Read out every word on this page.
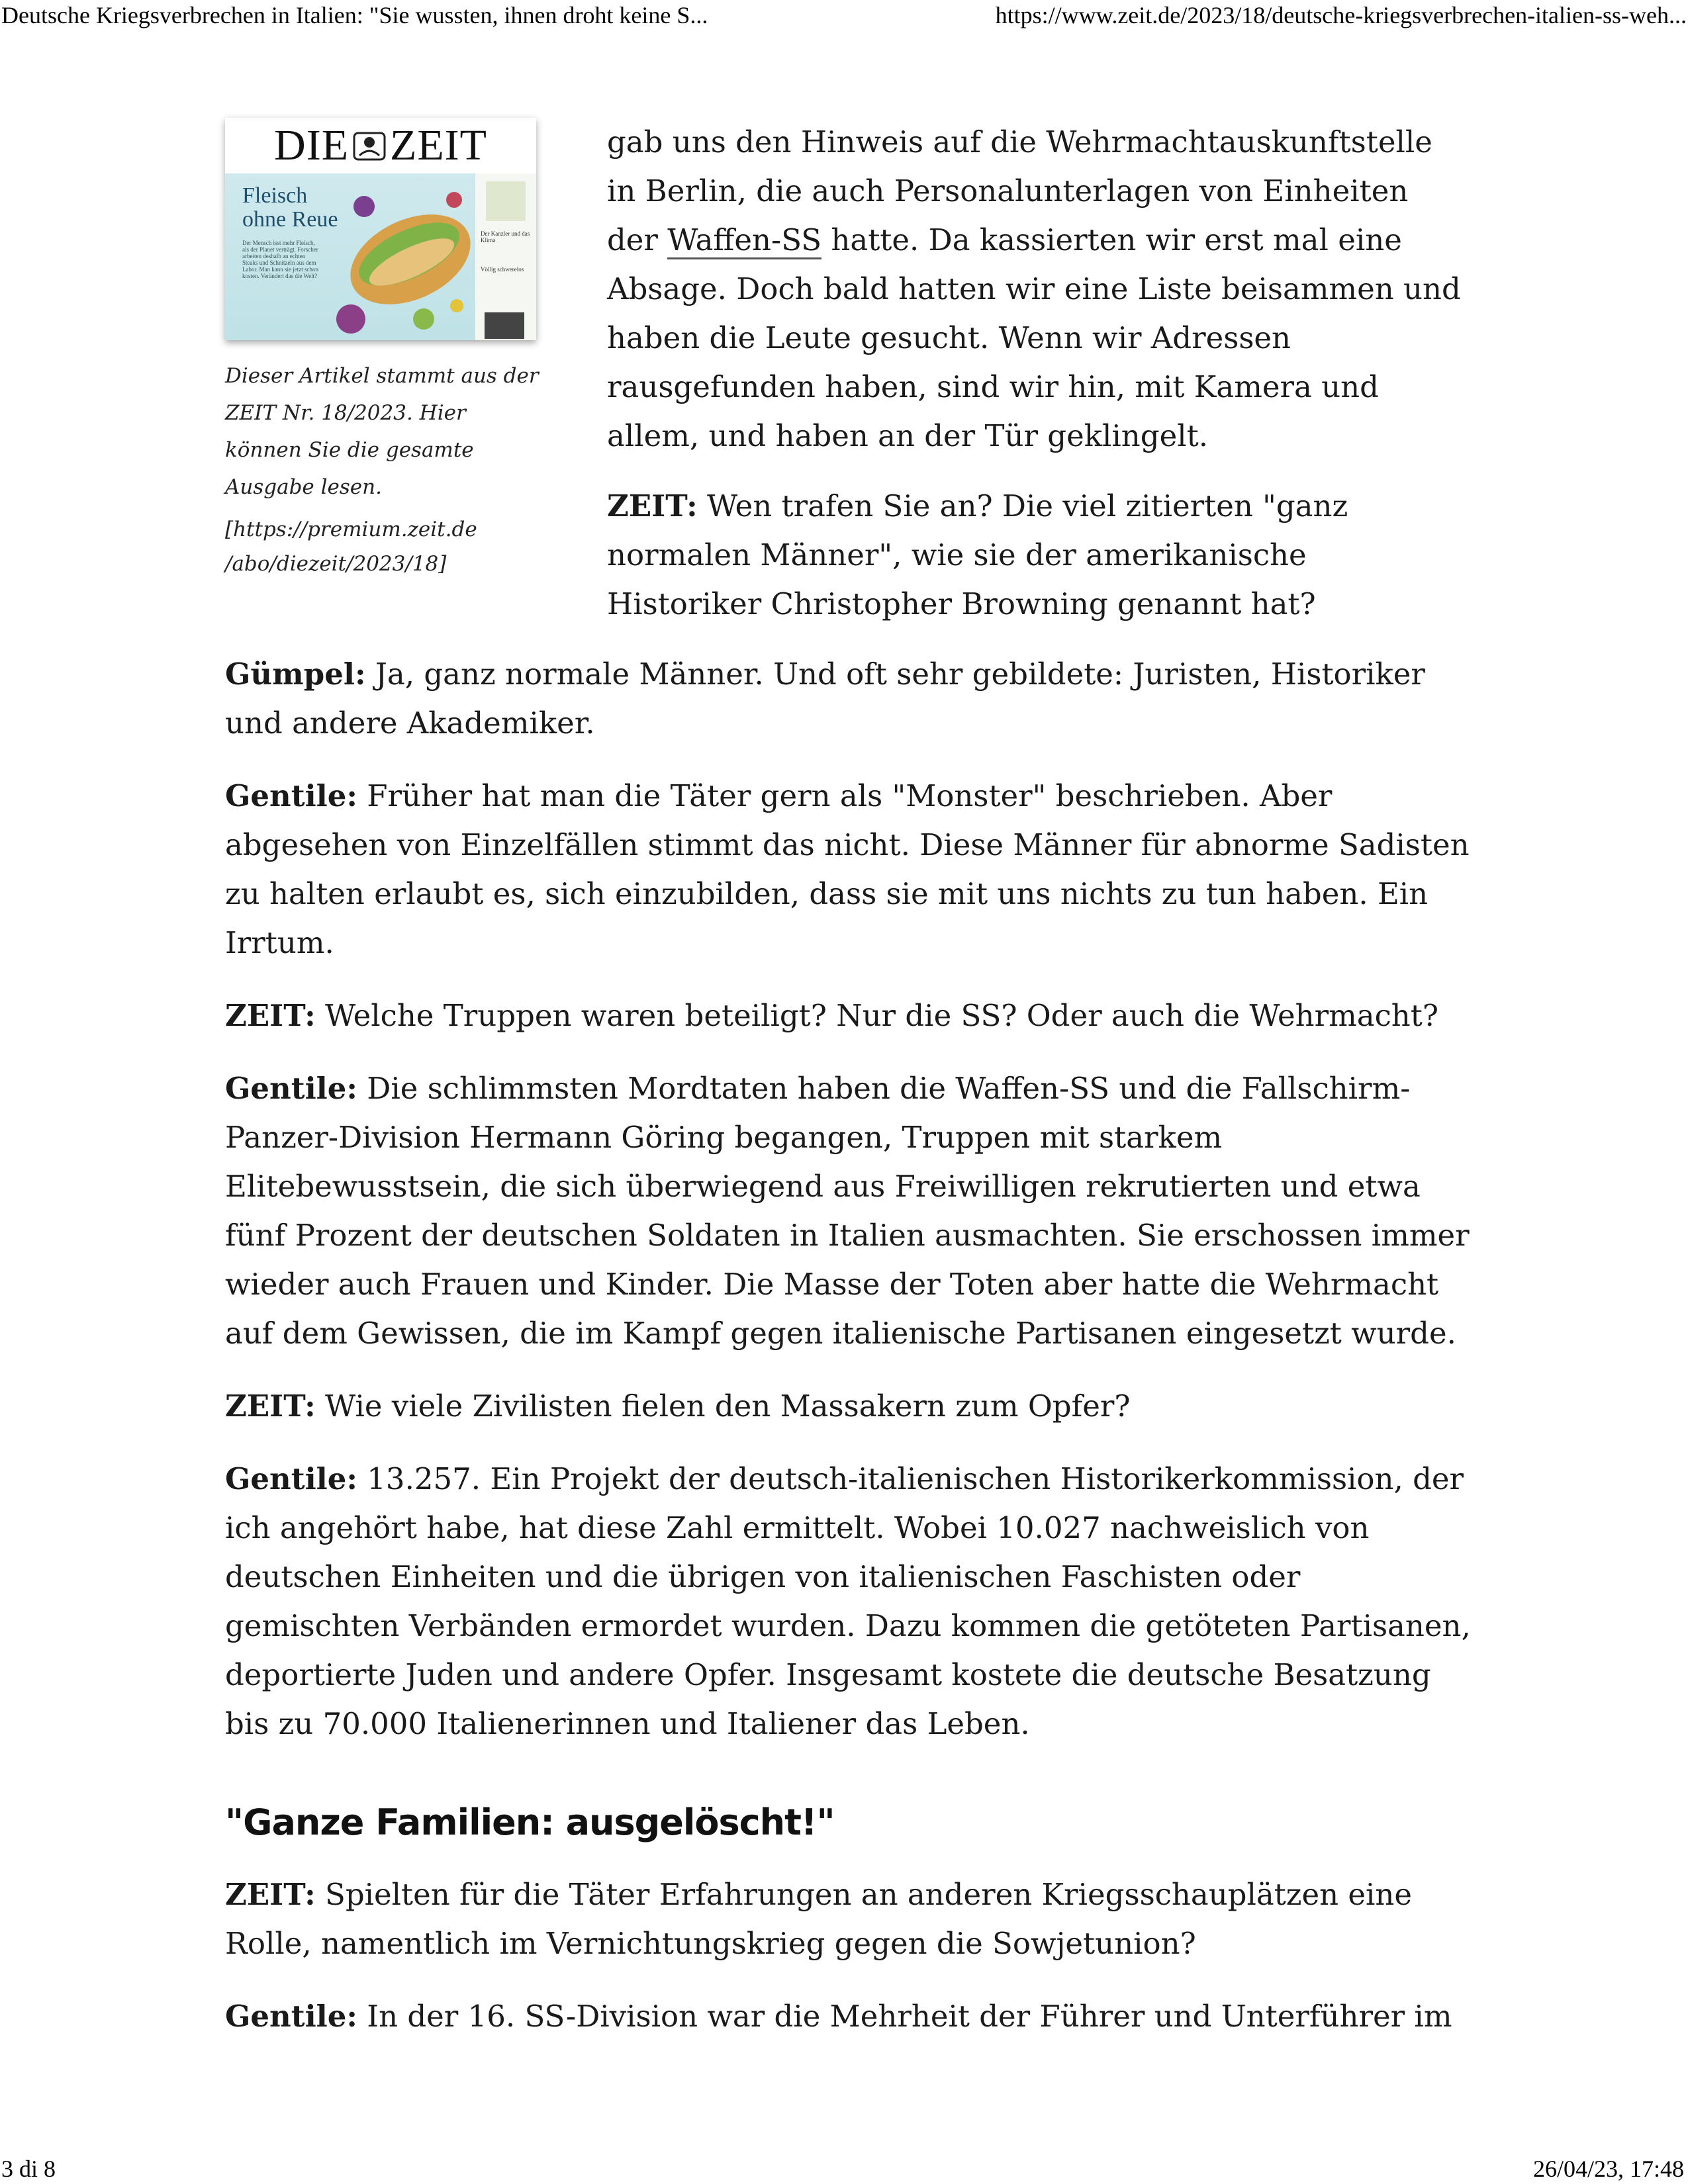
Deutsche Kriegsverbrechen in Italien: "Sie wussten, ihnen droht keine S...	https://www.zeit.de/2023/18/deutsche-kriegsverbrechen-italien-ss-weh...
DIE ZEIT
Fleisch
ohne Reue
Der Mensch isst mehr Fleisch, als der Planet verträgt. Forscher arbeiten deshalb an echten Steaks und Schnitzeln aus dem Labor. Man kann sie jetzt schon kosten. Verändert das die Welt?
Der Kanzler und das Klima
Völlig schwerelos

Dieser Artikel stammt aus der ZEIT Nr. 18/2023. Hier können Sie die gesamte Ausgabe lesen.

[https://premium.zeit.de
/abo/diezeit/2023/18]

gab uns den Hinweis auf die Wehrmachtauskunftstelle in Berlin, die auch Personalunterlagen von Einheiten der Waffen-SS hatte. Da kassierten wir erst mal eine Absage. Doch bald hatten wir eine Liste beisammen und haben die Leute gesucht. Wenn wir Adressen rausgefunden haben, sind wir hin, mit Kamera und allem, und haben an der Tür geklingelt.

ZEIT: Wen trafen Sie an? Die viel zitierten "ganz normalen Männer", wie sie der amerikanische Historiker Christopher Browning genannt hat?

Gümpel: Ja, ganz normale Männer. Und oft sehr gebildete: Juristen, Historiker und andere Akademiker.

Gentile: Früher hat man die Täter gern als "Monster" beschrieben. Aber abgesehen von Einzelfällen stimmt das nicht. Diese Männer für abnorme Sadisten zu halten erlaubt es, sich einzubilden, dass sie mit uns nichts zu tun haben. Ein Irrtum.

ZEIT: Welche Truppen waren beteiligt? Nur die SS? Oder auch die Wehrmacht?

Gentile: Die schlimmsten Mordtaten haben die Waffen-SS und die Fallschirm-Panzer-Division Hermann Göring begangen, Truppen mit starkem Elitebewusstsein, die sich überwiegend aus Freiwilligen rekrutierten und etwa fünf Prozent der deutschen Soldaten in Italien ausmachten. Sie erschossen immer wieder auch Frauen und Kinder. Die Masse der Toten aber hatte die Wehrmacht auf dem Gewissen, die im Kampf gegen italienische Partisanen eingesetzt wurde.

ZEIT: Wie viele Zivilisten fielen den Massakern zum Opfer?

Gentile: 13.257. Ein Projekt der deutsch-italienischen Historikerkommission, der ich angehört habe, hat diese Zahl ermittelt. Wobei 10.027 nachweislich von deutschen Einheiten und die übrigen von italienischen Faschisten oder gemischten Verbänden ermordet wurden. Dazu kommen die getöteten Partisanen, deportierte Juden und andere Opfer. Insgesamt kostete die deutsche Besatzung bis zu 70.000 Italienerinnen und Italiener das Leben.

"Ganze Familien: ausgelöscht!"

ZEIT: Spielten für die Täter Erfahrungen an anderen Kriegsschauplätzen eine Rolle, namentlich im Vernichtungskrieg gegen die Sowjetunion?

Gentile: In der 16. SS-Division war die Mehrheit der Führer und Unterführer im

3 di 8	26/04/23, 17:48
